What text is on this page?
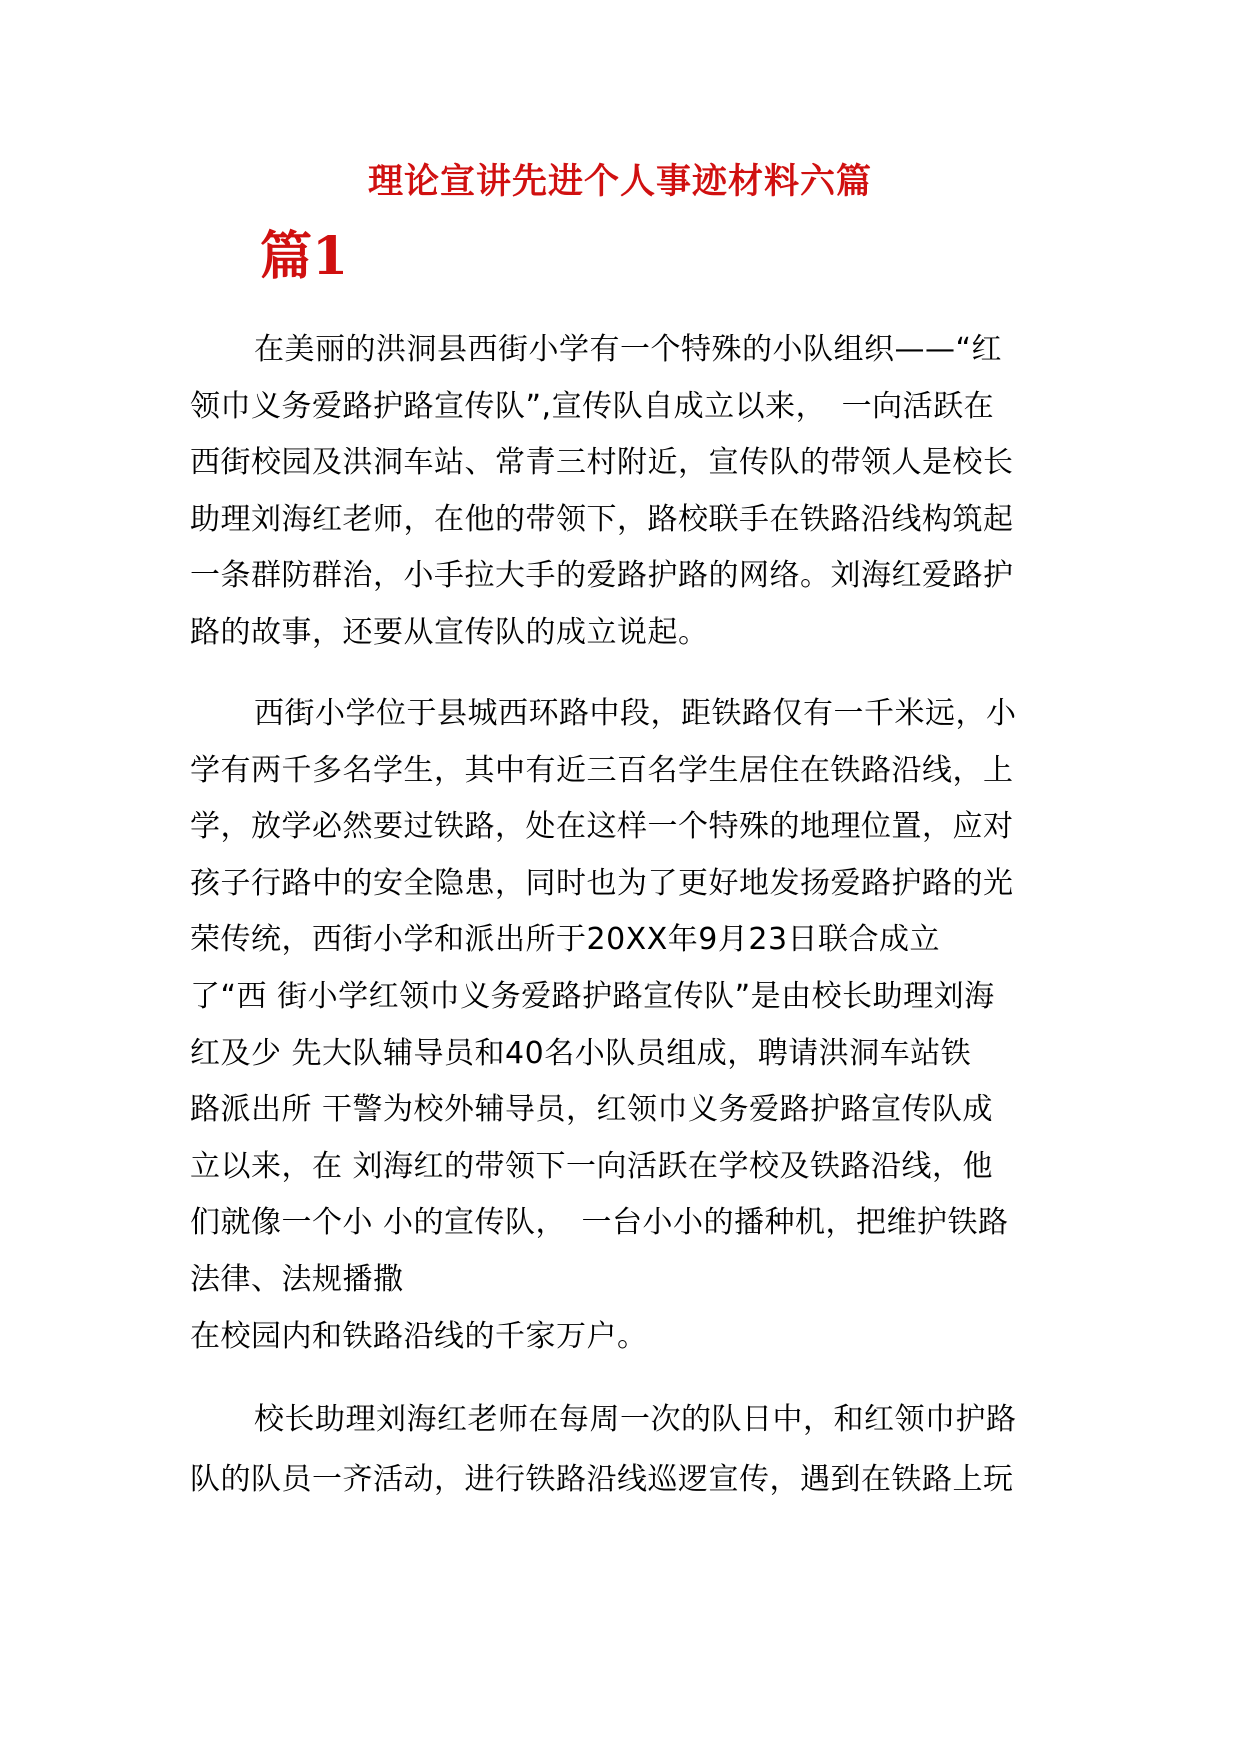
理论宣讲先进个人事迹材料六篇
篇1
在美丽的洪洞县西街小学有一个特殊的小队组织——“红
领巾义务爱路护路宣传队”,宣传队自成立以来，　一向活跃在
西街校园及洪洞车站、常青三村附近，宣传队的带领人是校长
助理刘海红老师，在他的带领下，路校联手在铁路沿线构筑起
一条群防群治，小手拉大手的爱路护路的网络。刘海红爱路护
路的故事，还要从宣传队的成立说起。
西街小学位于县城西环路中段，距铁路仅有一千米远，小
学有两千多名学生，其中有近三百名学生居住在铁路沿线，上
学，放学必然要过铁路，处在这样一个特殊的地理位置，应对
孩子行路中的安全隐患，同时也为了更好地发扬爱路护路的光
荣传统，西街小学和派出所于20XX年9月23日联合成立
了“西 街小学红领巾义务爱路护路宣传队”是由校长助理刘海
红及少 先大队辅导员和40名小队员组成，聘请洪洞车站铁
路派出所 干警为校外辅导员，红领巾义务爱路护路宣传队成
立以来，在 刘海红的带领下一向活跃在学校及铁路沿线，他
们就像一个小 小的宣传队，　一台小小的播种机，把维护铁路
法律、法规播撒
在校园内和铁路沿线的千家万户。
校长助理刘海红老师在每周一次的队日中，和红领巾护路
队的队员一齐活动，进行铁路沿线巡逻宣传，遇到在铁路上玩
